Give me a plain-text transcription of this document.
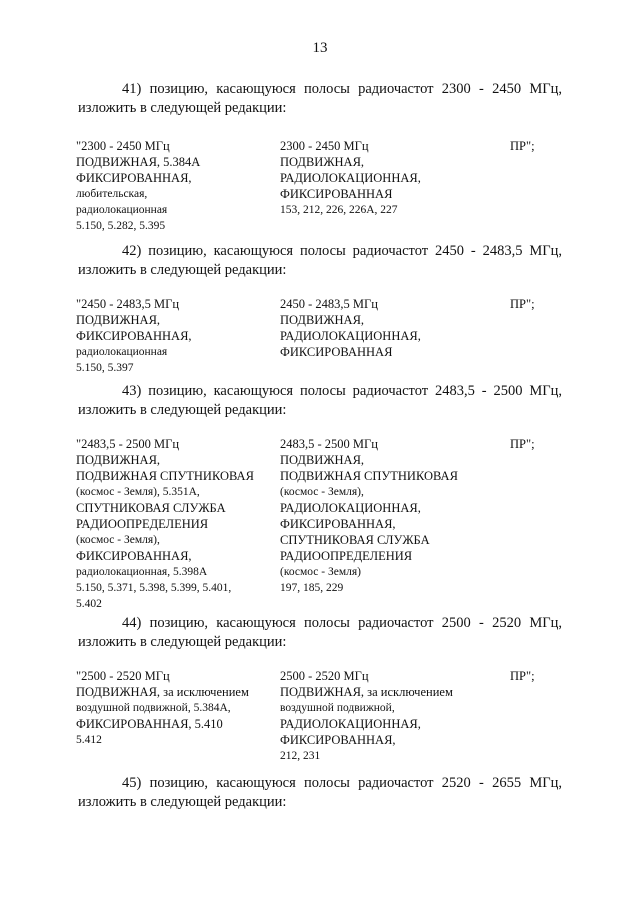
13
41) позицию, касающуюся полосы радиочастот 2300 - 2450 МГц,
изложить в следующей редакции:
"2300 - 2450 МГц
ПОДВИЖНАЯ, 5.384А
ФИКСИРОВАННАЯ,
любительская,
радиолокационная
5.150, 5.282, 5.395
2300 - 2450 МГц
ПОДВИЖНАЯ,
РАДИОЛОКАЦИОННАЯ,
ФИКСИРОВАННАЯ
153, 212, 226, 226А, 227
ПР";
42) позицию, касающуюся полосы радиочастот 2450 - 2483,5 МГц,
изложить в следующей редакции:
"2450 - 2483,5 МГц
ПОДВИЖНАЯ,
ФИКСИРОВАННАЯ,
радиолокационная
5.150, 5.397
2450 - 2483,5 МГц
ПОДВИЖНАЯ,
РАДИОЛОКАЦИОННАЯ,
ФИКСИРОВАННАЯ
ПР";
43) позицию, касающуюся полосы радиочастот 2483,5 - 2500 МГц,
изложить в следующей редакции:
"2483,5 - 2500 МГц
ПОДВИЖНАЯ,
ПОДВИЖНАЯ СПУТНИКОВАЯ
(космос - Земля), 5.351А,
СПУТНИКОВАЯ СЛУЖБА
РАДИООПРЕДЕЛЕНИЯ
(космос - Земля),
ФИКСИРОВАННАЯ,
радиолокационная, 5.398А
5.150, 5.371, 5.398, 5.399, 5.401,
5.402
2483,5 - 2500 МГц
ПОДВИЖНАЯ,
ПОДВИЖНАЯ СПУТНИКОВАЯ
(космос - Земля),
РАДИОЛОКАЦИОННАЯ,
ФИКСИРОВАННАЯ,
СПУТНИКОВАЯ СЛУЖБА
РАДИООПРЕДЕЛЕНИЯ
(космос - Земля)
197, 185, 229
ПР";
44) позицию, касающуюся полосы радиочастот 2500 - 2520 МГц,
изложить в следующей редакции:
"2500 - 2520 МГц
ПОДВИЖНАЯ, за исключением
воздушной подвижной, 5.384А,
ФИКСИРОВАННАЯ, 5.410
5.412
2500 - 2520 МГц
ПОДВИЖНАЯ, за исключением
воздушной подвижной,
РАДИОЛОКАЦИОННАЯ,
ФИКСИРОВАННАЯ,
212, 231
ПР";
45) позицию, касающуюся полосы радиочастот 2520 - 2655 МГц,
изложить в следующей редакции:
